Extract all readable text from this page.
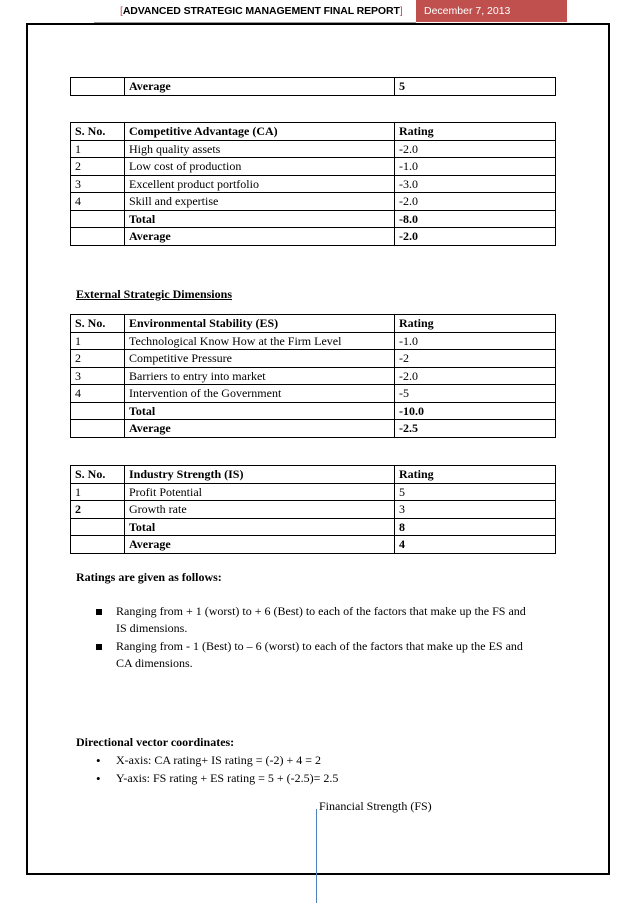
[ADVANCED STRATEGIC MANAGEMENT FINAL REPORT]	December 7, 2013
	Average	5
S. No.	Competitive Advantage (CA)	Rating
1	High quality assets	-2.0
2	Low cost of production	-1.0
3	Excellent product portfolio	-3.0
4	Skill and expertise	-2.0
	Total	-8.0
	Average	-2.0
External Strategic Dimensions
S. No.	Environmental Stability (ES)	Rating
1	Technological Know How at the Firm Level	-1.0
2	Competitive Pressure	-2
3	Barriers to entry into market	-2.0
4	Intervention of the Government	-5
	Total	-10.0
	Average	-2.5
S. No.	Industry Strength (IS)	Rating
1	Profit Potential	5
2	Growth rate	3
	Total	8
	Average	4
Ratings are given as follows:
Ranging from + 1 (worst) to + 6 (Best) to each of the factors that make up the FS and
IS dimensions.
Ranging from - 1 (Best) to – 6 (worst) to each of the factors that make up the ES and
CA dimensions.
Directional vector coordinates:
•	X-axis: CA rating+ IS rating = (-2) + 4 = 2
•	Y-axis: FS rating + ES rating = 5 + (-2.5)= 2.5
Financial Strength (FS)
